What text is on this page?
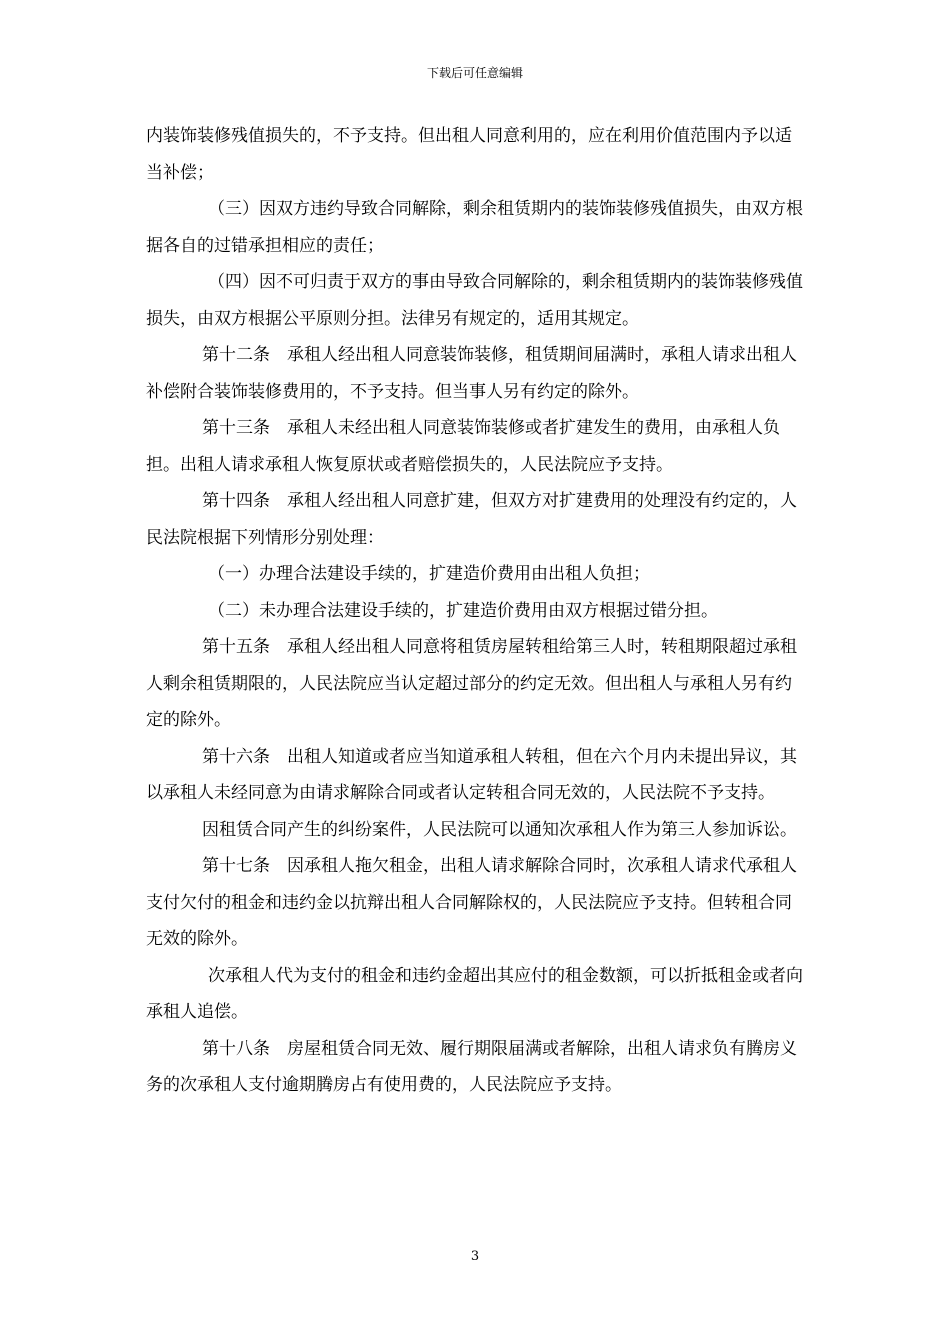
下载后可任意编辑

内装饰装修残值损失的，不予支持。但出租人同意利用的，应在利用价值范围内予以适当补偿；

（三）因双方违约导致合同解除，剩余租赁期内的装饰装修残值损失，由双方根据各自的过错承担相应的责任；

（四）因不可归责于双方的事由导致合同解除的，剩余租赁期内的装饰装修残值损失，由双方根据公平原则分担。法律另有规定的，适用其规定。

第十二条　承租人经出租人同意装饰装修，租赁期间届满时，承租人请求出租人补偿附合装饰装修费用的，不予支持。但当事人另有约定的除外。

第十三条　承租人未经出租人同意装饰装修或者扩建发生的费用，由承租人负担。出租人请求承租人恢复原状或者赔偿损失的，人民法院应予支持。

第十四条　承租人经出租人同意扩建，但双方对扩建费用的处理没有约定的，人民法院根据下列情形分别处理：

（一）办理合法建设手续的，扩建造价费用由出租人负担；

（二）未办理合法建设手续的，扩建造价费用由双方根据过错分担。

第十五条　承租人经出租人同意将租赁房屋转租给第三人时，转租期限超过承租人剩余租赁期限的，人民法院应当认定超过部分的约定无效。但出租人与承租人另有约定的除外。

第十六条　出租人知道或者应当知道承租人转租，但在六个月内未提出异议，其以承租人未经同意为由请求解除合同或者认定转租合同无效的，人民法院不予支持。

因租赁合同产生的纠纷案件，人民法院可以通知次承租人作为第三人参加诉讼。

第十七条　因承租人拖欠租金，出租人请求解除合同时，次承租人请求代承租人支付欠付的租金和违约金以抗辩出租人合同解除权的，人民法院应予支持。但转租合同无效的除外。

次承租人代为支付的租金和违约金超出其应付的租金数额，可以折抵租金或者向承租人追偿。

第十八条　房屋租赁合同无效、履行期限届满或者解除，出租人请求负有腾房义务的次承租人支付逾期腾房占有使用费的，人民法院应予支持。

3
